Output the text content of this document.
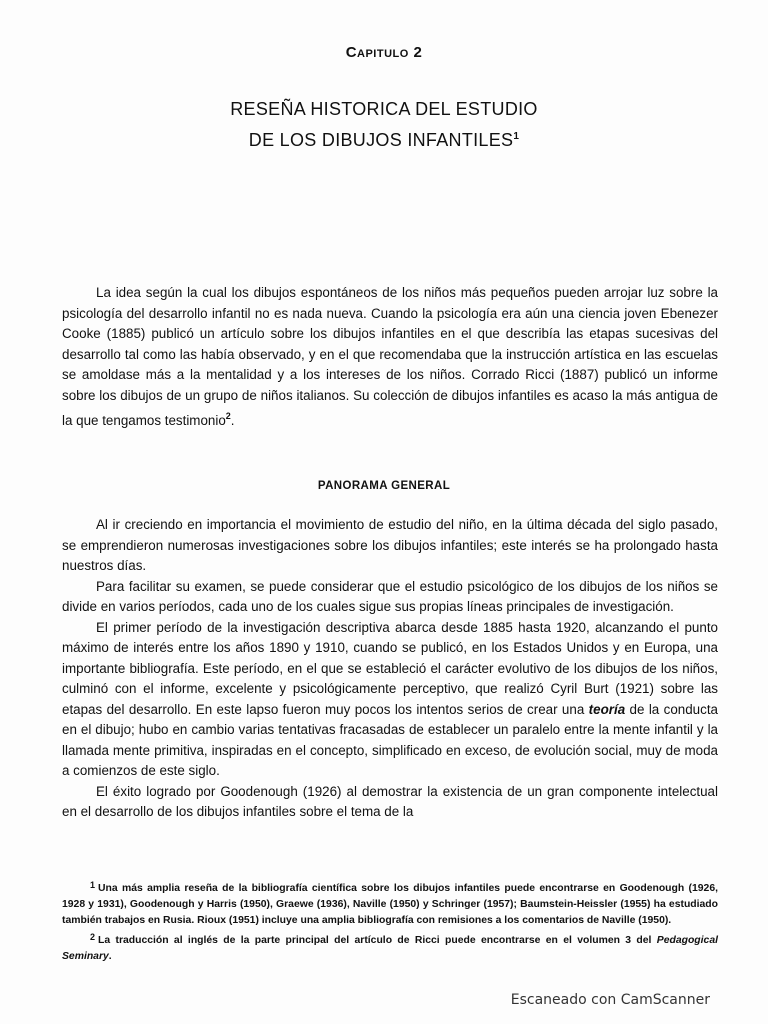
Capitulo 2
RESEÑA HISTORICA DEL ESTUDIO
DE LOS DIBUJOS INFANTILES$^1$

La idea según la cual los dibujos espontáneos de los niños más pequeños pueden arrojar luz sobre la psicología del desarrollo infantil no es nada nueva. Cuando la psicología era aún una ciencia joven Ebenezer Cooke (1885) publicó un artículo sobre los dibujos infantiles en el que describía las etapas sucesivas del desarrollo tal como las había observado, y en el que recomendaba que la instrucción artística en las escuelas se amoldase más a la mentalidad y a los intereses de los niños. Corrado Ricci (1887) publicó un informe sobre los dibujos de un grupo de niños italianos. Su colección de dibujos infantiles es acaso la más antigua de la que tengamos testimonio$^2$.

PANORAMA GENERAL

Al ir creciendo en importancia el movimiento de estudio del niño, en la última década del siglo pasado, se emprendieron numerosas investigaciones sobre los dibujos infantiles; este interés se ha prolongado hasta nuestros días.

Para facilitar su examen, se puede considerar que el estudio psicológico de los dibujos de los niños se divide en varios períodos, cada uno de los cuales sigue sus propias líneas principales de investigación.

El primer período de la investigación descriptiva abarca desde 1885 hasta 1920, alcanzando el punto máximo de interés entre los años 1890 y 1910, cuando se publicó, en los Estados Unidos y en Europa, una importante bibliografía. Este período, en el que se estableció el carácter evolutivo de los dibujos de los niños, culminó con el informe, excelente y psicológicamente perceptivo, que realizó Cyril Burt (1921) sobre las etapas del desarrollo. En este lapso fueron muy pocos los intentos serios de crear una teoría de la conducta en el dibujo; hubo en cambio varias tentativas fracasadas de establecer un paralelo entre la mente infantil y la llamada mente primitiva, inspiradas en el concepto, simplificado en exceso, de evolución social, muy de moda a comienzos de este siglo.

El éxito logrado por Goodenough (1926) al demostrar la existencia de un gran componente intelectual en el desarrollo de los dibujos infantiles sobre el tema de la

1 Una más amplia reseña de la bibliografía científica sobre los dibujos infantiles puede encontrarse en Goodenough (1926, 1928 y 1931), Goodenough y Harris (1950), Graewe (1936), Naville (1950) y Schringer (1957); Baumstein-Heissler (1955) ha estudiado también trabajos en Rusia. Rioux (1951) incluye una amplia bibliografía con remisiones a los comentarios de Naville (1950).

2 La traducción al inglés de la parte principal del artículo de Ricci puede encontrarse en el volumen 3 del Pedagogical Seminary.

Escaneado con CamScanner
